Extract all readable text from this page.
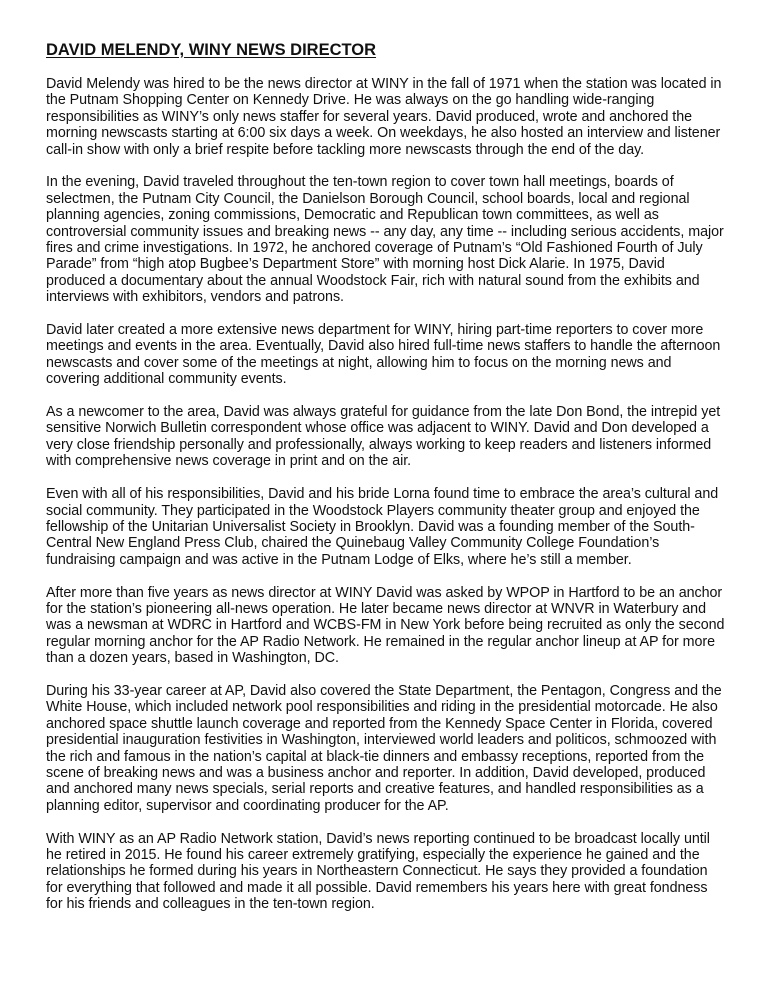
DAVID MELENDY, WINY NEWS DIRECTOR

David Melendy was hired to be the news director at WINY in the fall of 1971 when the station was located in the Putnam Shopping Center on Kennedy Drive. He was always on the go handling wide-ranging responsibilities as WINY’s only news staffer for several years. David produced, wrote and anchored the morning newscasts starting at 6:00 six days a week. On weekdays, he also hosted an interview and listener call-in show with only a brief respite before tackling more newscasts through the end of the day.

In the evening, David traveled throughout the ten-town region to cover town hall meetings, boards of selectmen, the Putnam City Council, the Danielson Borough Council, school boards, local and regional planning agencies, zoning commissions, Democratic and Republican town committees, as well as controversial community issues and breaking news -- any day, any time -- including serious accidents, major fires and crime investigations. In 1972, he anchored coverage of Putnam’s “Old Fashioned Fourth of July Parade” from “high atop Bugbee’s Department Store” with morning host Dick Alarie. In 1975, David produced a documentary about the annual Woodstock Fair, rich with natural sound from the exhibits and interviews with exhibitors, vendors and patrons.

David later created a more extensive news department for WINY, hiring part-time reporters to cover more meetings and events in the area. Eventually, David also hired full-time news staffers to handle the afternoon newscasts and cover some of the meetings at night, allowing him to focus on the morning news and covering additional community events.

As a newcomer to the area, David was always grateful for guidance from the late Don Bond, the intrepid yet sensitive Norwich Bulletin correspondent whose office was adjacent to WINY. David and Don developed a very close friendship personally and professionally, always working to keep readers and listeners informed with comprehensive news coverage in print and on the air.

Even with all of his responsibilities, David and his bride Lorna found time to embrace the area’s cultural and social community. They participated in the Woodstock Players community theater group and enjoyed the fellowship of the Unitarian Universalist Society in Brooklyn. David was a founding member of the South-Central New England Press Club, chaired the Quinebaug Valley Community College Foundation’s fundraising campaign and was active in the Putnam Lodge of Elks, where he’s still a member.

After more than five years as news director at WINY David was asked by WPOP in Hartford to be an anchor for the station’s pioneering all-news operation. He later became news director at WNVR in Waterbury and was a newsman at WDRC in Hartford and WCBS-FM in New York before being recruited as only the second regular morning anchor for the AP Radio Network. He remained in the regular anchor lineup at AP for more than a dozen years, based in Washington, DC.

During his 33-year career at AP, David also covered the State Department, the Pentagon, Congress and the White House, which included network pool responsibilities and riding in the presidential motorcade. He also anchored space shuttle launch coverage and reported from the Kennedy Space Center in Florida, covered presidential inauguration festivities in Washington, interviewed world leaders and politicos, schmoozed with the rich and famous in the nation’s capital at black-tie dinners and embassy receptions, reported from the scene of breaking news and was a business anchor and reporter. In addition, David developed, produced and anchored many news specials, serial reports and creative features, and handled responsibilities as a planning editor, supervisor and coordinating producer for the AP.

With WINY as an AP Radio Network station, David’s news reporting continued to be broadcast locally until he retired in 2015. He found his career extremely gratifying, especially the experience he gained and the relationships he formed during his years in Northeastern Connecticut. He says they provided a foundation for everything that followed and made it all possible. David remembers his years here with great fondness for his friends and colleagues in the ten-town region.
